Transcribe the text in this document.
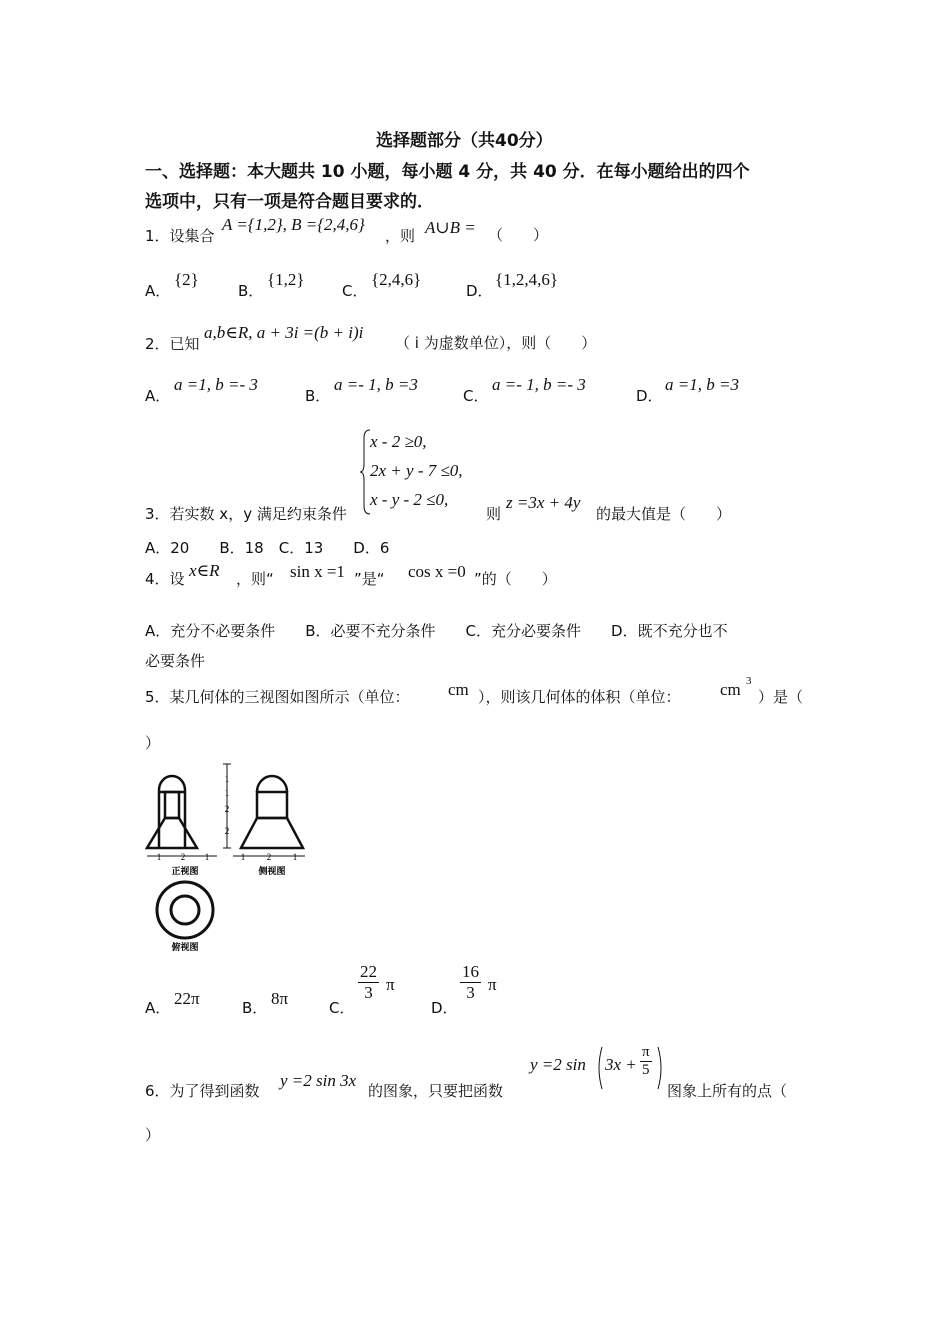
选择题部分（共40分）
一、选择题：本大题共 10 小题，每小题 4 分，共 40 分．在每小题给出的四个
选项中，只有一项是符合题目要求的．
1．设集合
A ={1,2}, B ={2,4,6}
，则 A∪B = （　　）
A．
{2}
B．
{1,2}
C．
{2,4,6}
D．
{1,2,4,6}
2．已知
a,b∈R, a + 3i =(b + i)i
（ i 为虚数单位），则（　　）
A．
a =1, b =- 3
B．
a =- 1, b =3
C．
a =- 1, b =- 3
D．
a =1, b =3
x - 2 ≥0,
2x + y - 7 ≤0,
x - y - 2 ≤0,
3．若实数 x，y 满足约束条件	则
z =3x + 4y
的最大值是（　　）
A．20　　B．18　C．13　　D．6
4．设 x∈R ，则“ sin x =1 ”是“ cos x =0 ”的（　　）
A．充分不必要条件　　B．必要不充分条件　　C．充分必要条件　　D．既不充分也不
必要条件
5．某几何体的三视图如图所示（单位： cm ），则该几何体的体积（单位： cm 3
）是（
）
1
1
2
2
1 2 1	1 2 1
正视图	侧视图
俯视图
A． 22π	B． 8π	C．
$\frac{22}{3}$ π
D．
$\frac{16}{3}$ π
6．为了得到函数
y =2 sin 3x
的图象，只要把函数
y =2 $\sin 3x + \frac{\pi}{5}$
图象上所有的点（
）
